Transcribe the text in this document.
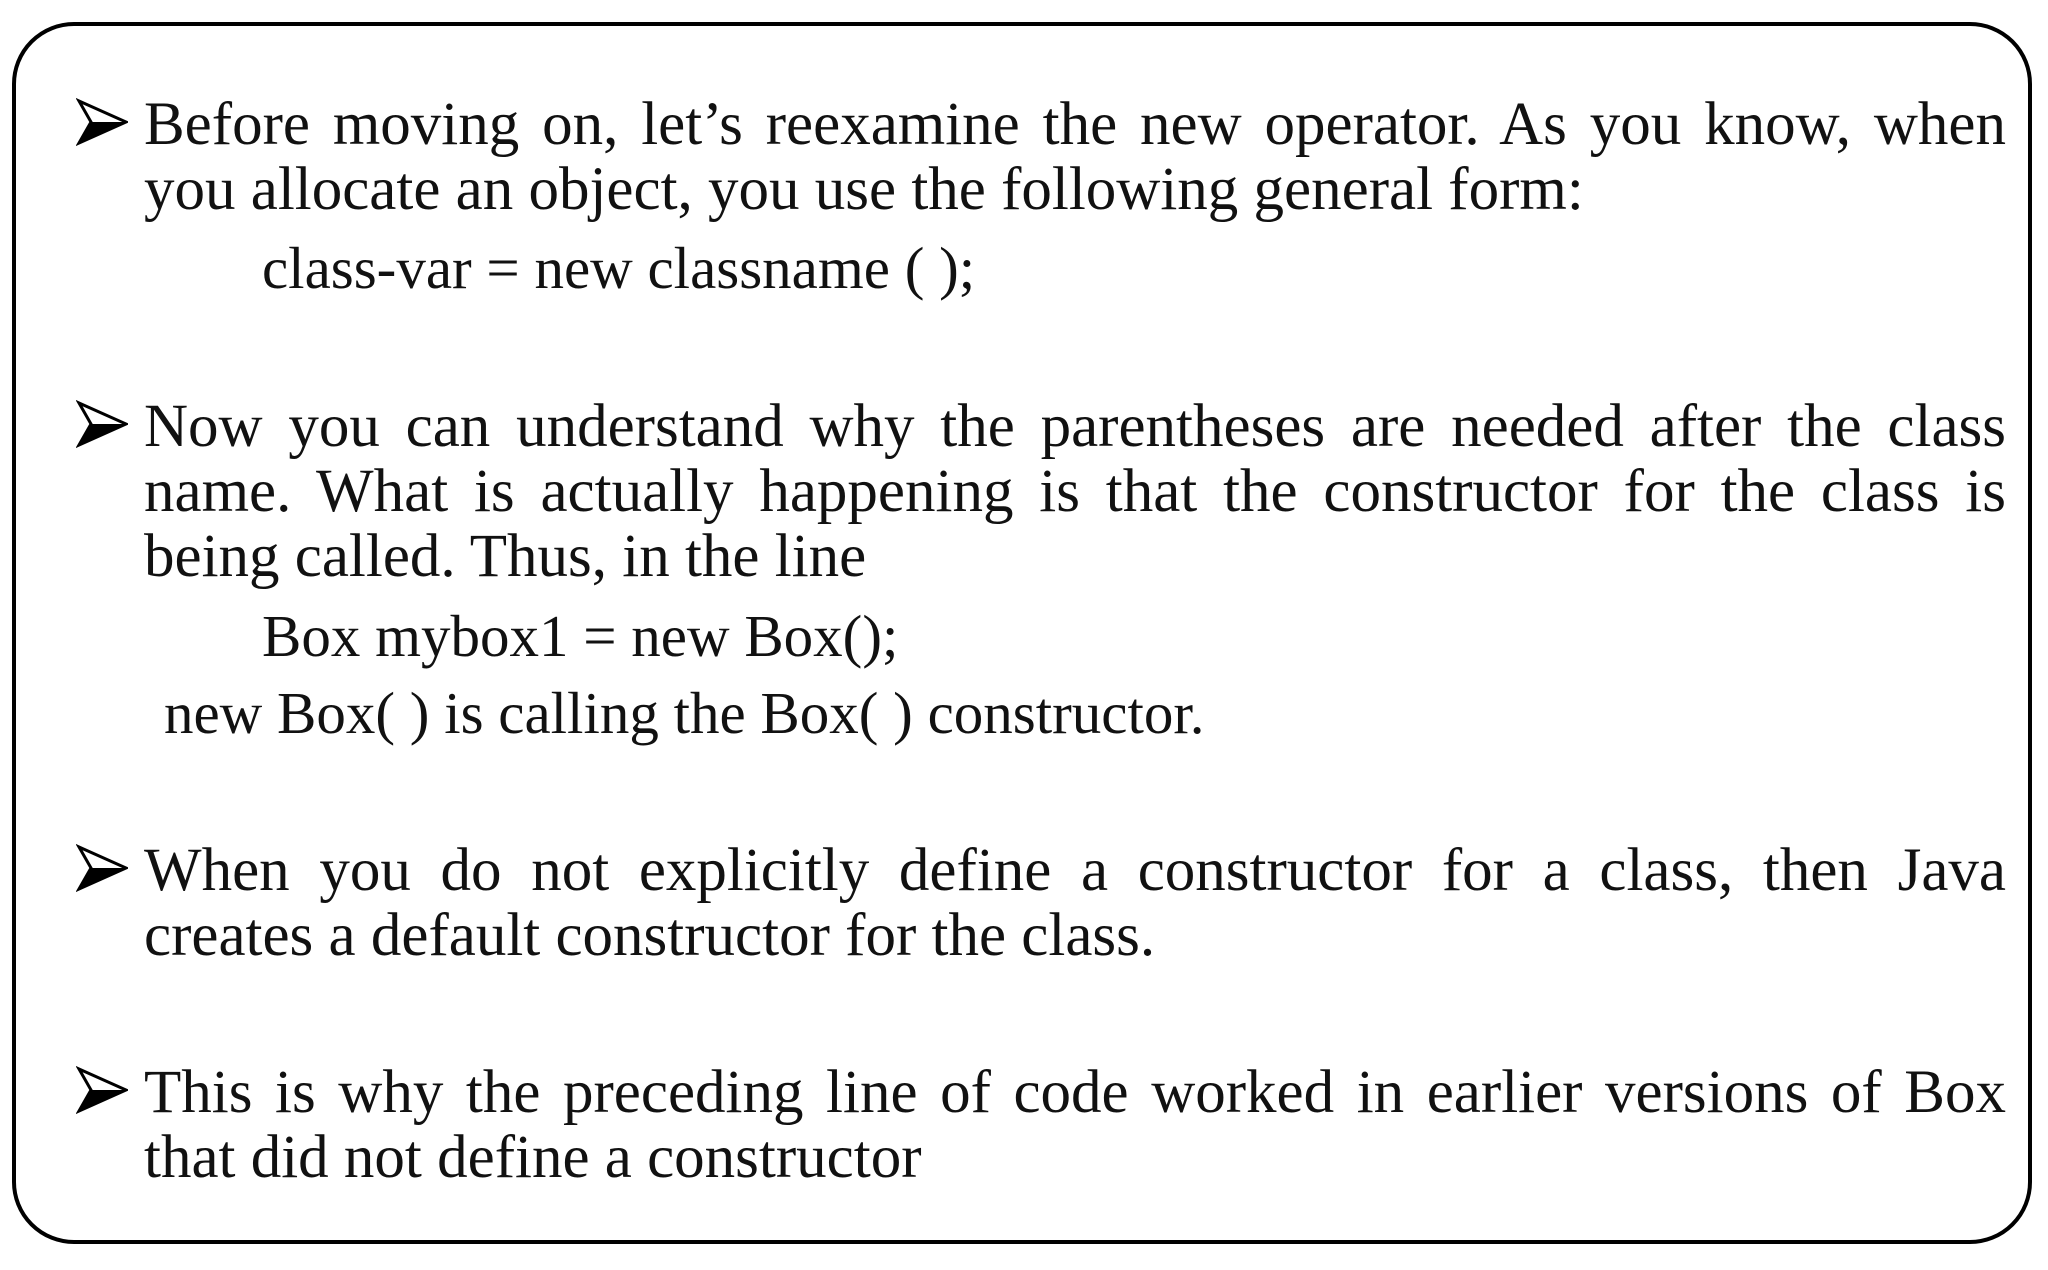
Before moving on, let’s reexamine the new operator. As you know, when you allocate an object, you use the following general form:
class-var = new classname ( );
Now you can understand why the parentheses are needed after the class name. What is actually happening is that the constructor for the class is being called. Thus, in the line
Box mybox1 = new Box();
new Box( ) is calling the Box( ) constructor.
When you do not explicitly define a constructor for a class, then Java creates a default constructor for the class.
This is why the preceding line of code worked in earlier versions of Box that did not define a constructor
